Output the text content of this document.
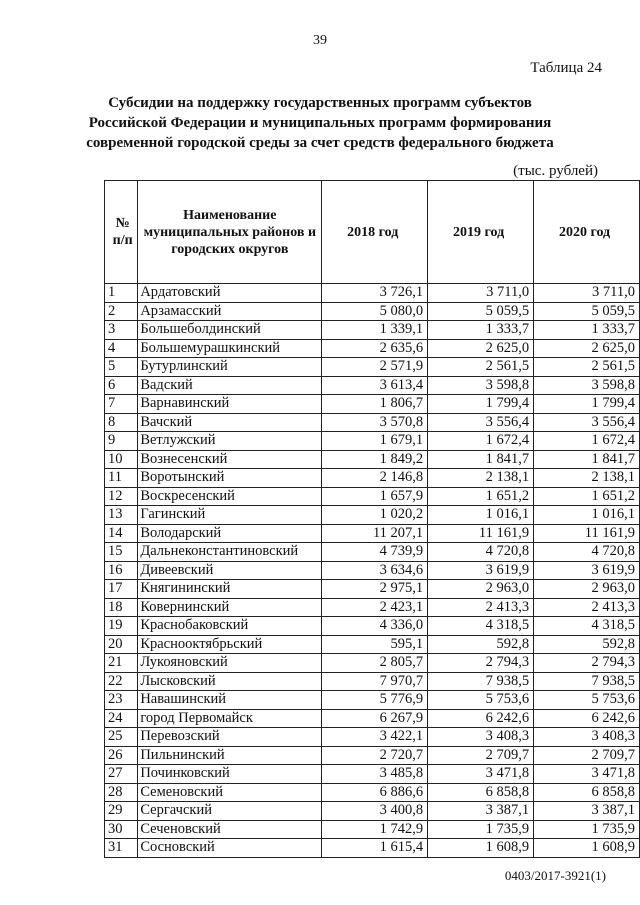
39
Таблица 24
Субсидии на поддержку государственных программ субъектов Российской Федерации и муниципальных программ формирования современной городской среды за счет средств федерального бюджета
(тыс. рублей)
№ п/п	Наименование муниципальных районов и городских округов	2018 год	2019 год	2020 год
1	Ардатовский	3 726,1	3 711,0	3 711,0
2	Арзамасский	5 080,0	5 059,5	5 059,5
3	Большеболдинский	1 339,1	1 333,7	1 333,7
4	Большемурашкинский	2 635,6	2 625,0	2 625,0
5	Бутурлинский	2 571,9	2 561,5	2 561,5
6	Вадский	3 613,4	3 598,8	3 598,8
7	Варнавинский	1 806,7	1 799,4	1 799,4
8	Вачский	3 570,8	3 556,4	3 556,4
9	Ветлужский	1 679,1	1 672,4	1 672,4
10	Вознесенский	1 849,2	1 841,7	1 841,7
11	Воротынский	2 146,8	2 138,1	2 138,1
12	Воскресенский	1 657,9	1 651,2	1 651,2
13	Гагинский	1 020,2	1 016,1	1 016,1
14	Володарский	11 207,1	11 161,9	11 161,9
15	Дальнеконстантиновский	4 739,9	4 720,8	4 720,8
16	Дивеевский	3 634,6	3 619,9	3 619,9
17	Княгининский	2 975,1	2 963,0	2 963,0
18	Ковернинский	2 423,1	2 413,3	2 413,3
19	Краснобаковский	4 336,0	4 318,5	4 318,5
20	Краснооктябрьский	595,1	592,8	592,8
21	Лукояновский	2 805,7	2 794,3	2 794,3
22	Лысковский	7 970,7	7 938,5	7 938,5
23	Навашинский	5 776,9	5 753,6	5 753,6
24	город Первомайск	6 267,9	6 242,6	6 242,6
25	Перевозский	3 422,1	3 408,3	3 408,3
26	Пильнинский	2 720,7	2 709,7	2 709,7
27	Починковский	3 485,8	3 471,8	3 471,8
28	Семеновский	6 886,6	6 858,8	6 858,8
29	Сергачский	3 400,8	3 387,1	3 387,1
30	Сеченовский	1 742,9	1 735,9	1 735,9
31	Сосновский	1 615,4	1 608,9	1 608,9
0403/2017-3921(1)
